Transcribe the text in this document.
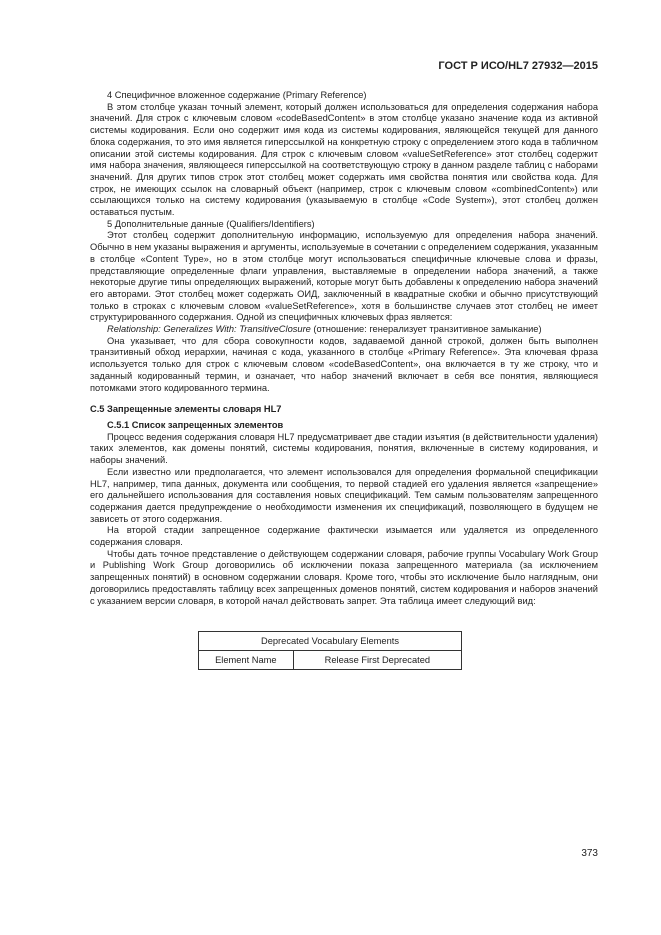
ГОСТ Р ИСО/HL7 27932—2015

4 Специфичное вложенное содержание (Primary Reference)

В этом столбце указан точный элемент, который должен использоваться для определения содержания набора значений. Для строк с ключевым словом «codeBasedContent» в этом столбце указано значение кода из активной системы кодирования. Если оно содержит имя кода из системы кодирования, являющейся текущей для данного блока содержания, то это имя является гиперссылкой на конкретную строку с определением этого кода в табличном описании этой системы кодирования. Для строк с ключевым словом «valueSetReference» этот столбец содержит имя набора значения, являющееся гиперссылкой на соответствующую строку в данном разделе таблиц с наборами значений. Для других типов строк этот столбец может содержать имя свойства понятия или свойства кода. Для строк, не имеющих ссылок на словарный объект (например, строк с ключевым словом «combinedContent») или ссылающихся только на систему кодирования (указываемую в столбце «Code System»), этот столбец должен оставаться пустым.

5 Дополнительные данные (Qualifiers/Identifiers)

Этот столбец содержит дополнительную информацию, используемую для определения набора значений. Обычно в нем указаны выражения и аргументы, используемые в сочетании с определением содержания, указанным в столбце «Content Type», но в этом столбце могут использоваться специфичные ключевые слова и фразы, представляющие определенные флаги управления, выставляемые в определении набора значений, а также некоторые другие типы определяющих выражений, которые могут быть добавлены к определению набора значений его авторами. Этот столбец может содержать ОИД, заключенный в квадратные скобки и обычно присутствующий только в строках с ключевым словом «valueSetReference», хотя в большинстве случаев этот столбец не имеет структурированного содержания. Одной из специфичных ключевых фраз является:

Relationship: Generalizes With: TransitiveClosure (отношение: генерализует транзитивное замыкание)

Она указывает, что для сбора совокупности кодов, задаваемой данной строкой, должен быть выполнен транзитивный обход иерархии, начиная с кода, указанного в столбце «Primary Reference». Эта ключевая фраза используется только для строк с ключевым словом «codeBasedContent», она включается в ту же строку, что и заданный кодированный термин, и означает, что набор значений включает в себя все понятия, являющиеся потомками этого кодированного термина.

С.5 Запрещенные элементы словаря HL7

С.5.1 Список запрещенных элементов

Процесс ведения содержания словаря HL7 предусматривает две стадии изъятия (в действительности удаления) таких элементов, как домены понятий, системы кодирования, понятия, включенные в систему кодирования, и наборы значений.

Если известно или предполагается, что элемент использовался для определения формальной спецификации HL7, например, типа данных, документа или сообщения, то первой стадией его удаления является «запрещение» его дальнейшего использования для составления новых спецификаций. Тем самым пользователям запрещенного содержания дается предупреждение о необходимости изменения их спецификаций, позволяющего в будущем не зависеть от этого содержания.

На второй стадии запрещенное содержание фактически изымается или удаляется из определенного содержания словаря.

Чтобы дать точное представление о действующем содержании словаря, рабочие группы Vocabulary Work Group и Publishing Work Group договорились об исключении показа запрещенного материала (за исключением запрещенных понятий) в основном содержании словаря. Кроме того, чтобы это исключение было наглядным, они договорились предоставлять таблицу всех запрещенных доменов понятий, систем кодирования и наборов значений с указанием версии словаря, в которой начал действовать запрет. Эта таблица имеет следующий вид:

Deprecated Vocabulary Elements
Element Name	Release First Deprecated
373
